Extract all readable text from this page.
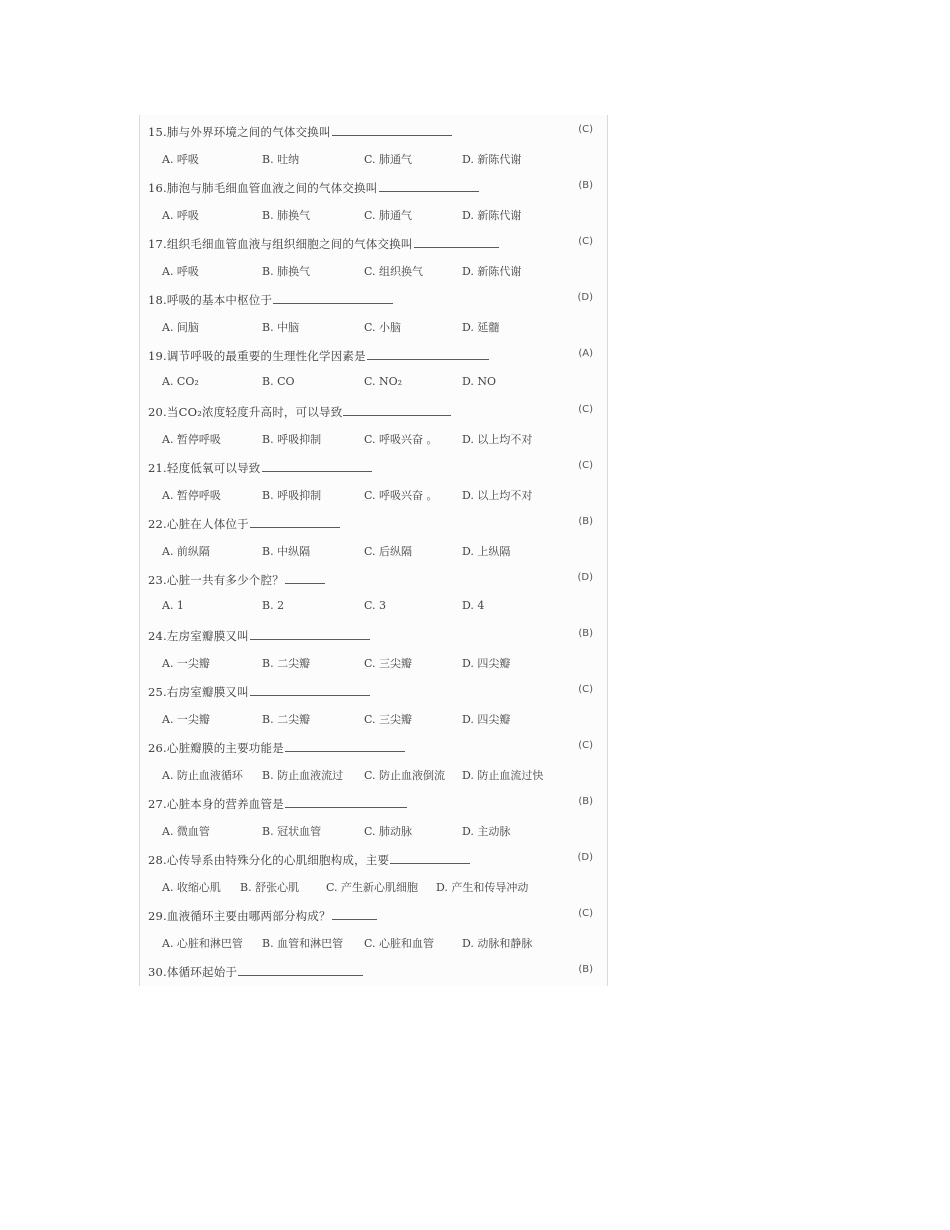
15.肺与外界环境之间的气体交换叫	(C)
A. 呼吸	B. 吐纳	C. 肺通气	D. 新陈代谢
16.肺泡与肺毛细血管血液之间的气体交换叫	(B)
A. 呼吸	B. 肺换气	C. 肺通气	D. 新陈代谢
17.组织毛细血管血液与组织细胞之间的气体交换叫	(C)
A. 呼吸	B. 肺换气	C. 组织换气	D. 新陈代谢
18.呼吸的基本中枢位于	(D)
A. 间脑	B. 中脑	C. 小脑	D. 延髓
19.调节呼吸的最重要的生理性化学因素是	(A)
A. CO₂	B. CO	C. NO₂	D. NO
20.当CO₂浓度轻度升高时，可以导致	(C)
A. 暂停呼吸	B. 呼吸抑制	C. 呼吸兴奋 。 D. 以上均不对
21.轻度低氧可以导致	(C)
A. 暂停呼吸	B. 呼吸抑制	C. 呼吸兴奋 。 D. 以上均不对
22.心脏在人体位于	(B)
A. 前纵隔	B. 中纵隔	C. 后纵隔	D. 上纵隔
23.心脏一共有多少个腔？	(D)
A. 1	B. 2	C. 3	D. 4
24.左房室瓣膜又叫	(B)
A. 一尖瓣	B. 二尖瓣	C. 三尖瓣	D. 四尖瓣
25.右房室瓣膜又叫	(C)
A. 一尖瓣	B. 二尖瓣	C. 三尖瓣	D. 四尖瓣
26.心脏瓣膜的主要功能是	(C)
A. 防止血液循环 B. 防止血液流过 C. 防止血液倒流 D. 防止血流过快
27.心脏本身的营养血管是	(B)
A. 微血管	B. 冠状血管	C. 肺动脉	D. 主动脉
28.心传导系由特殊分化的心肌细胞构成，主要	(D)
A. 收缩心肌 B. 舒张心肌 C. 产生新心肌细胞 D. 产生和传导冲动
29.血液循环主要由哪两部分构成？	(C)
A. 心脏和淋巴管 B. 血管和淋巴管 C. 心脏和血管	D. 动脉和静脉
30.体循环起始于	(B)
